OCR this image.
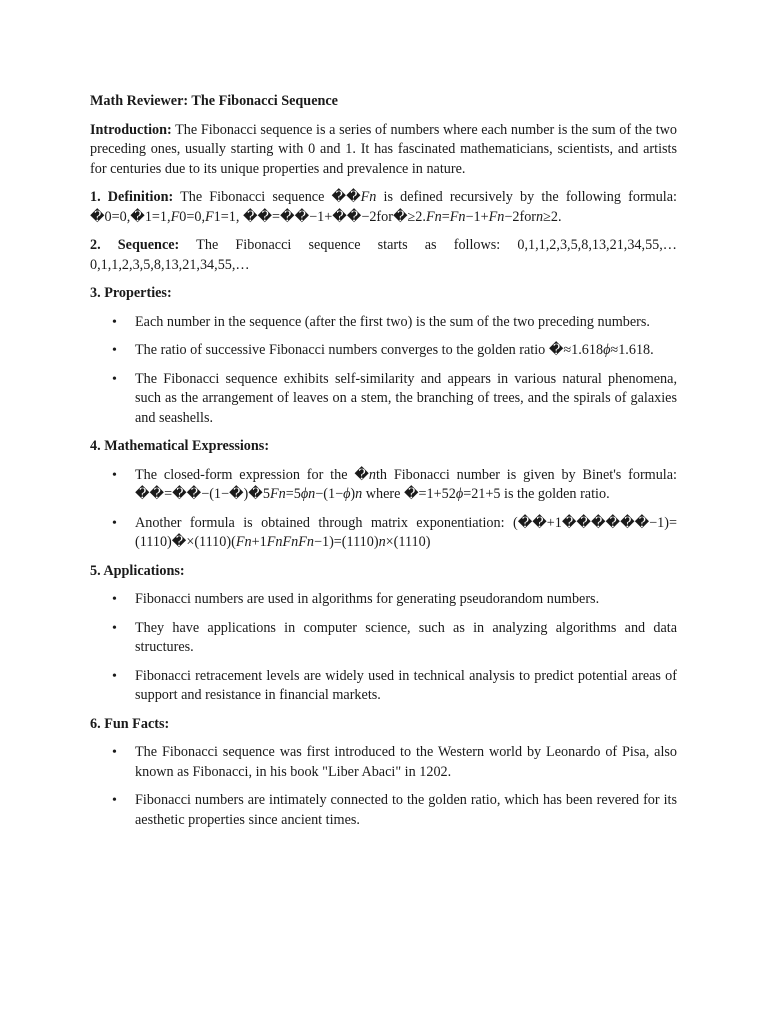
Math Reviewer: The Fibonacci Sequence

Introduction: The Fibonacci sequence is a series of numbers where each number is the sum of the two preceding ones, usually starting with 0 and 1. It has fascinated mathematicians, scientists, and artists for centuries due to its unique properties and prevalence in nature.

1. Definition: The Fibonacci sequence ��Fn is defined recursively by the following formula: �0=0,�1=1,F0=0,F1=1, ��=��−1+��−2for�≥2.Fn=Fn−1+Fn−2forn≥2.

2. Sequence: The Fibonacci sequence starts as follows: 0,1,1,2,3,5,8,13,21,34,55,… 0,1,1,2,3,5,8,13,21,34,55,…

3. Properties:
• Each number in the sequence (after the first two) is the sum of the two preceding numbers.
• The ratio of successive Fibonacci numbers converges to the golden ratio �≈1.618ϕ≈1.618.
• The Fibonacci sequence exhibits self-similarity and appears in various natural phenomena, such as the arrangement of leaves on a stem, the branching of trees, and the spirals of galaxies and seashells.
4. Mathematical Expressions:
• The closed-form expression for the �nth Fibonacci number is given by Binet's formula: ��=��−(1−�)�5Fn=5ϕn−(1−ϕ)n where �=1+52ϕ=21+5 is the golden ratio.
• Another formula is obtained through matrix exponentiation: (��+1������−1)=(1110)�×(1110)(Fn+1FnFnFn−1)=(1110)n×(1110)
5. Applications:
• Fibonacci numbers are used in algorithms for generating pseudorandom numbers.
• They have applications in computer science, such as in analyzing algorithms and data structures.
• Fibonacci retracement levels are widely used in technical analysis to predict potential areas of support and resistance in financial markets.
6. Fun Facts:
• The Fibonacci sequence was first introduced to the Western world by Leonardo of Pisa, also known as Fibonacci, in his book "Liber Abaci" in 1202.
• Fibonacci numbers are intimately connected to the golden ratio, which has been revered for its aesthetic properties since ancient times.
